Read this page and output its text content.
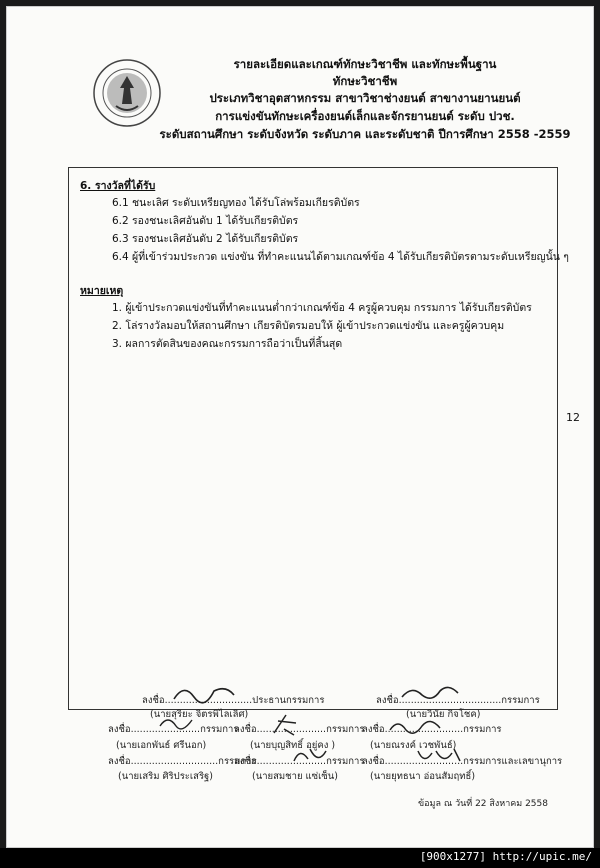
รายละเอียดและเกณฑ์ทักษะวิชาชีพ และทักษะพื้นฐาน
ทักษะวิชาชีพ
ประเภทวิชาอุตสาหกรรม สาขาวิชาช่างยนต์ สาขางานยานยนต์
การแข่งขันทักษะเครื่องยนต์เล็กและจักรยานยนต์ ระดับ ปวช.
ระดับสถานศึกษา ระดับจังหวัด ระดับภาค และระดับชาติ ปีการศึกษา 2558 -2559
6. รางวัลที่ได้รับ
6.1 ชนะเลิศ ระดับเหรียญทอง ได้รับโล่พร้อมเกียรติบัตร
6.2 รองชนะเลิศอันดับ 1 ได้รับเกียรติบัตร
6.3 รองชนะเลิศอันดับ 2 ได้รับเกียรติบัตร
6.4 ผู้ที่เข้าร่วมประกวด แข่งขัน ที่ทำคะแนนได้ตามเกณฑ์ข้อ 4 ได้รับเกียรติบัตรตามระดับเหรียญนั้น ๆ
หมายเหตุ
1. ผู้เข้าประกวดแข่งขันที่ทำคะแนนต่ำกว่าเกณฑ์ข้อ 4 ครูผู้ควบคุม กรรมการ ได้รับเกียรติบัตร
2. โล่รางวัลมอบให้สถานศึกษา เกียรติบัตรมอบให้ ผู้เข้าประกวดแข่งขัน และครูผู้ควบคุม
3. ผลการตัดสินของคณะกรรมการถือว่าเป็นที่สิ้นสุด
12
ลงชื่อ.............................ประธานกรรมการ
(นายสุริยะ จิตรพิไลเลิศ)
ลงชื่อ..................................กรรมการ
(นายวินัย กิจโชค)
ลงชื่อ.......................กรรมการ
(นายเอกพันธ์ ศรีนอก)
ลงชื่อ.......................กรรมการ
(นายบุญสิทธิ์ อยู่คง )
ลงชื่อ..........................กรรมการ
(นายณรงค์ เวชพันธ์)
ลงชื่อ.............................กรรมการ
(นายเสริม ศิริประเสริฐ)
ลงชื่อ.......................กรรมการ
(นายสมชาย แซ่เซ็น)
ลงชื่อ..........................กรรมการและเลขานุการ
(นายยุทธนา อ่อนสัมฤทธิ์)
ข้อมูล ณ วันที่ 22 สิงหาคม 2558
[900x1277] http://upic.me/
